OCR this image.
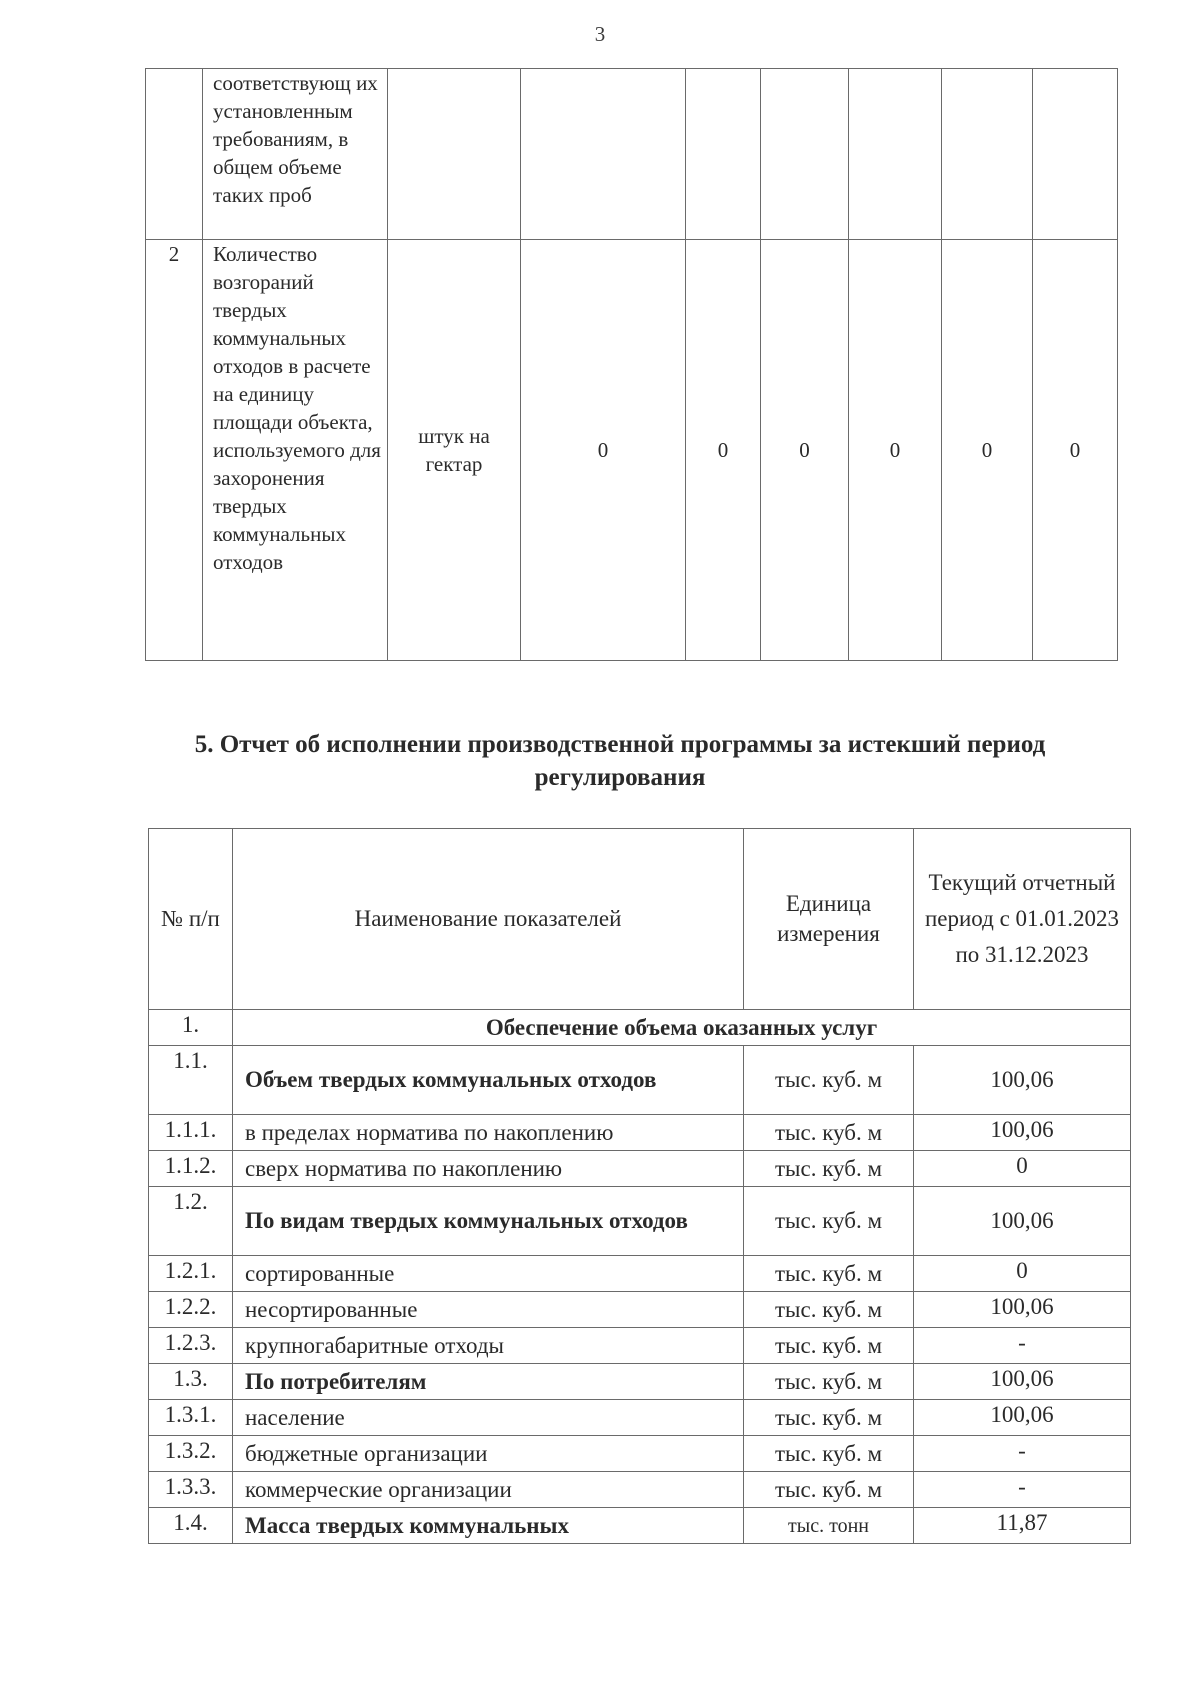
3
	соответствующ их установленным требованиям, в общем объеме таких проб							
2	Количество возгораний твердых коммунальных отходов в расчете на единицу площади объекта, используемого для захоронения твердых коммунальных отходов	штук на гектар	0	0	0	0	0	0
5. Отчет об исполнении производственной программы за истекший период регулирования
№ п/п	Наименование показателей	Единица измерения	Текущий отчетный период с 01.01.2023 по 31.12.2023
1.	Обеспечение объема оказанных услуг		
1.1.	Объем твердых коммунальных отходов	тыс. куб. м	100,06
1.1.1.	в пределах норматива по накоплению	тыс. куб. м	100,06
1.1.2.	сверх норматива по накоплению	тыс. куб. м	0
1.2.	По видам твердых коммунальных отходов	тыс. куб. м	100,06
1.2.1.	сортированные	тыс. куб. м	0
1.2.2.	несортированные	тыс. куб. м	100,06
1.2.3.	крупногабаритные отходы	тыс. куб. м	-
1.3.	По потребителям	тыс. куб. м	100,06
1.3.1.	население	тыс. куб. м	100,06
1.3.2.	бюджетные организации	тыс. куб. м	-
1.3.3.	коммерческие организации	тыс. куб. м	-
1.4.	Масса твердых коммунальных	тыс. тонн	11,87
